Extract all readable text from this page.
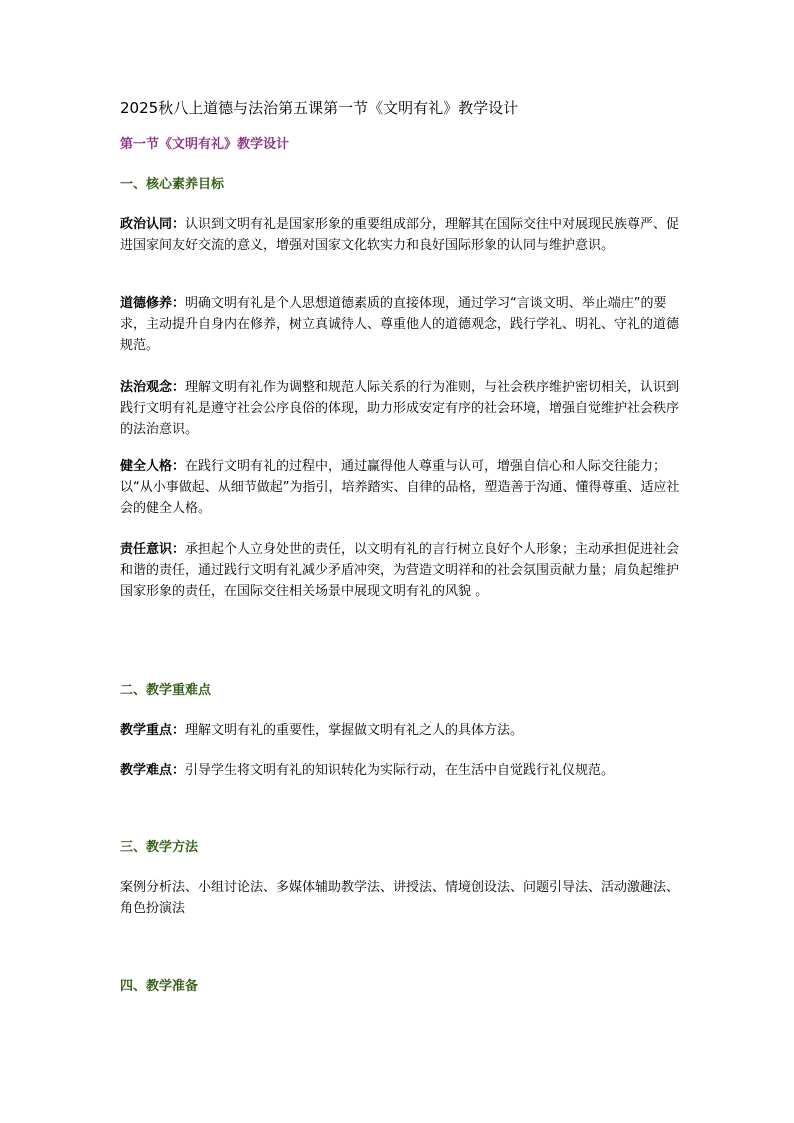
2025秋八上道德与法治第五课第一节《文明有礼》教学设计
第一节《文明有礼》教学设计
一、核心素养目标
政治认同：认识到文明有礼是国家形象的重要组成部分，理解其在国际交往中对展现民族尊严、促进国家间友好交流的意义，增强对国家文化软实力和良好国际形象的认同与维护意识。
道德修养：明确文明有礼是个人思想道德素质的直接体现，通过学习“言谈文明、举止端庄”的要求，主动提升自身内在修养，树立真诚待人、尊重他人的道德观念，践行学礼、明礼、守礼的道德规范。
法治观念：理解文明有礼作为调整和规范人际关系的行为准则，与社会秩序维护密切相关，认识到践行文明有礼是遵守社会公序良俗的体现，助力形成安定有序的社会环境，增强自觉维护社会秩序的法治意识。
健全人格：在践行文明有礼的过程中，通过赢得他人尊重与认可，增强自信心和人际交往能力；以“从小事做起、从细节做起”为指引，培养踏实、自律的品格，塑造善于沟通、懂得尊重、适应社会的健全人格。
责任意识：承担起个人立身处世的责任，以文明有礼的言行树立良好个人形象；主动承担促进社会和谐的责任，通过践行文明有礼减少矛盾冲突，为营造文明祥和的社会氛围贡献力量；肩负起维护国家形象的责任，在国际交往相关场景中展现文明有礼的风貌 。
二、教学重难点
教学重点：理解文明有礼的重要性，掌握做文明有礼之人的具体方法。
教学难点：引导学生将文明有礼的知识转化为实际行动，在生活中自觉践行礼仪规范。
三、教学方法
案例分析法、小组讨论法、多媒体辅助教学法、讲授法、情境创设法、问题引导法、活动激趣法、角色扮演法
四、教学准备
